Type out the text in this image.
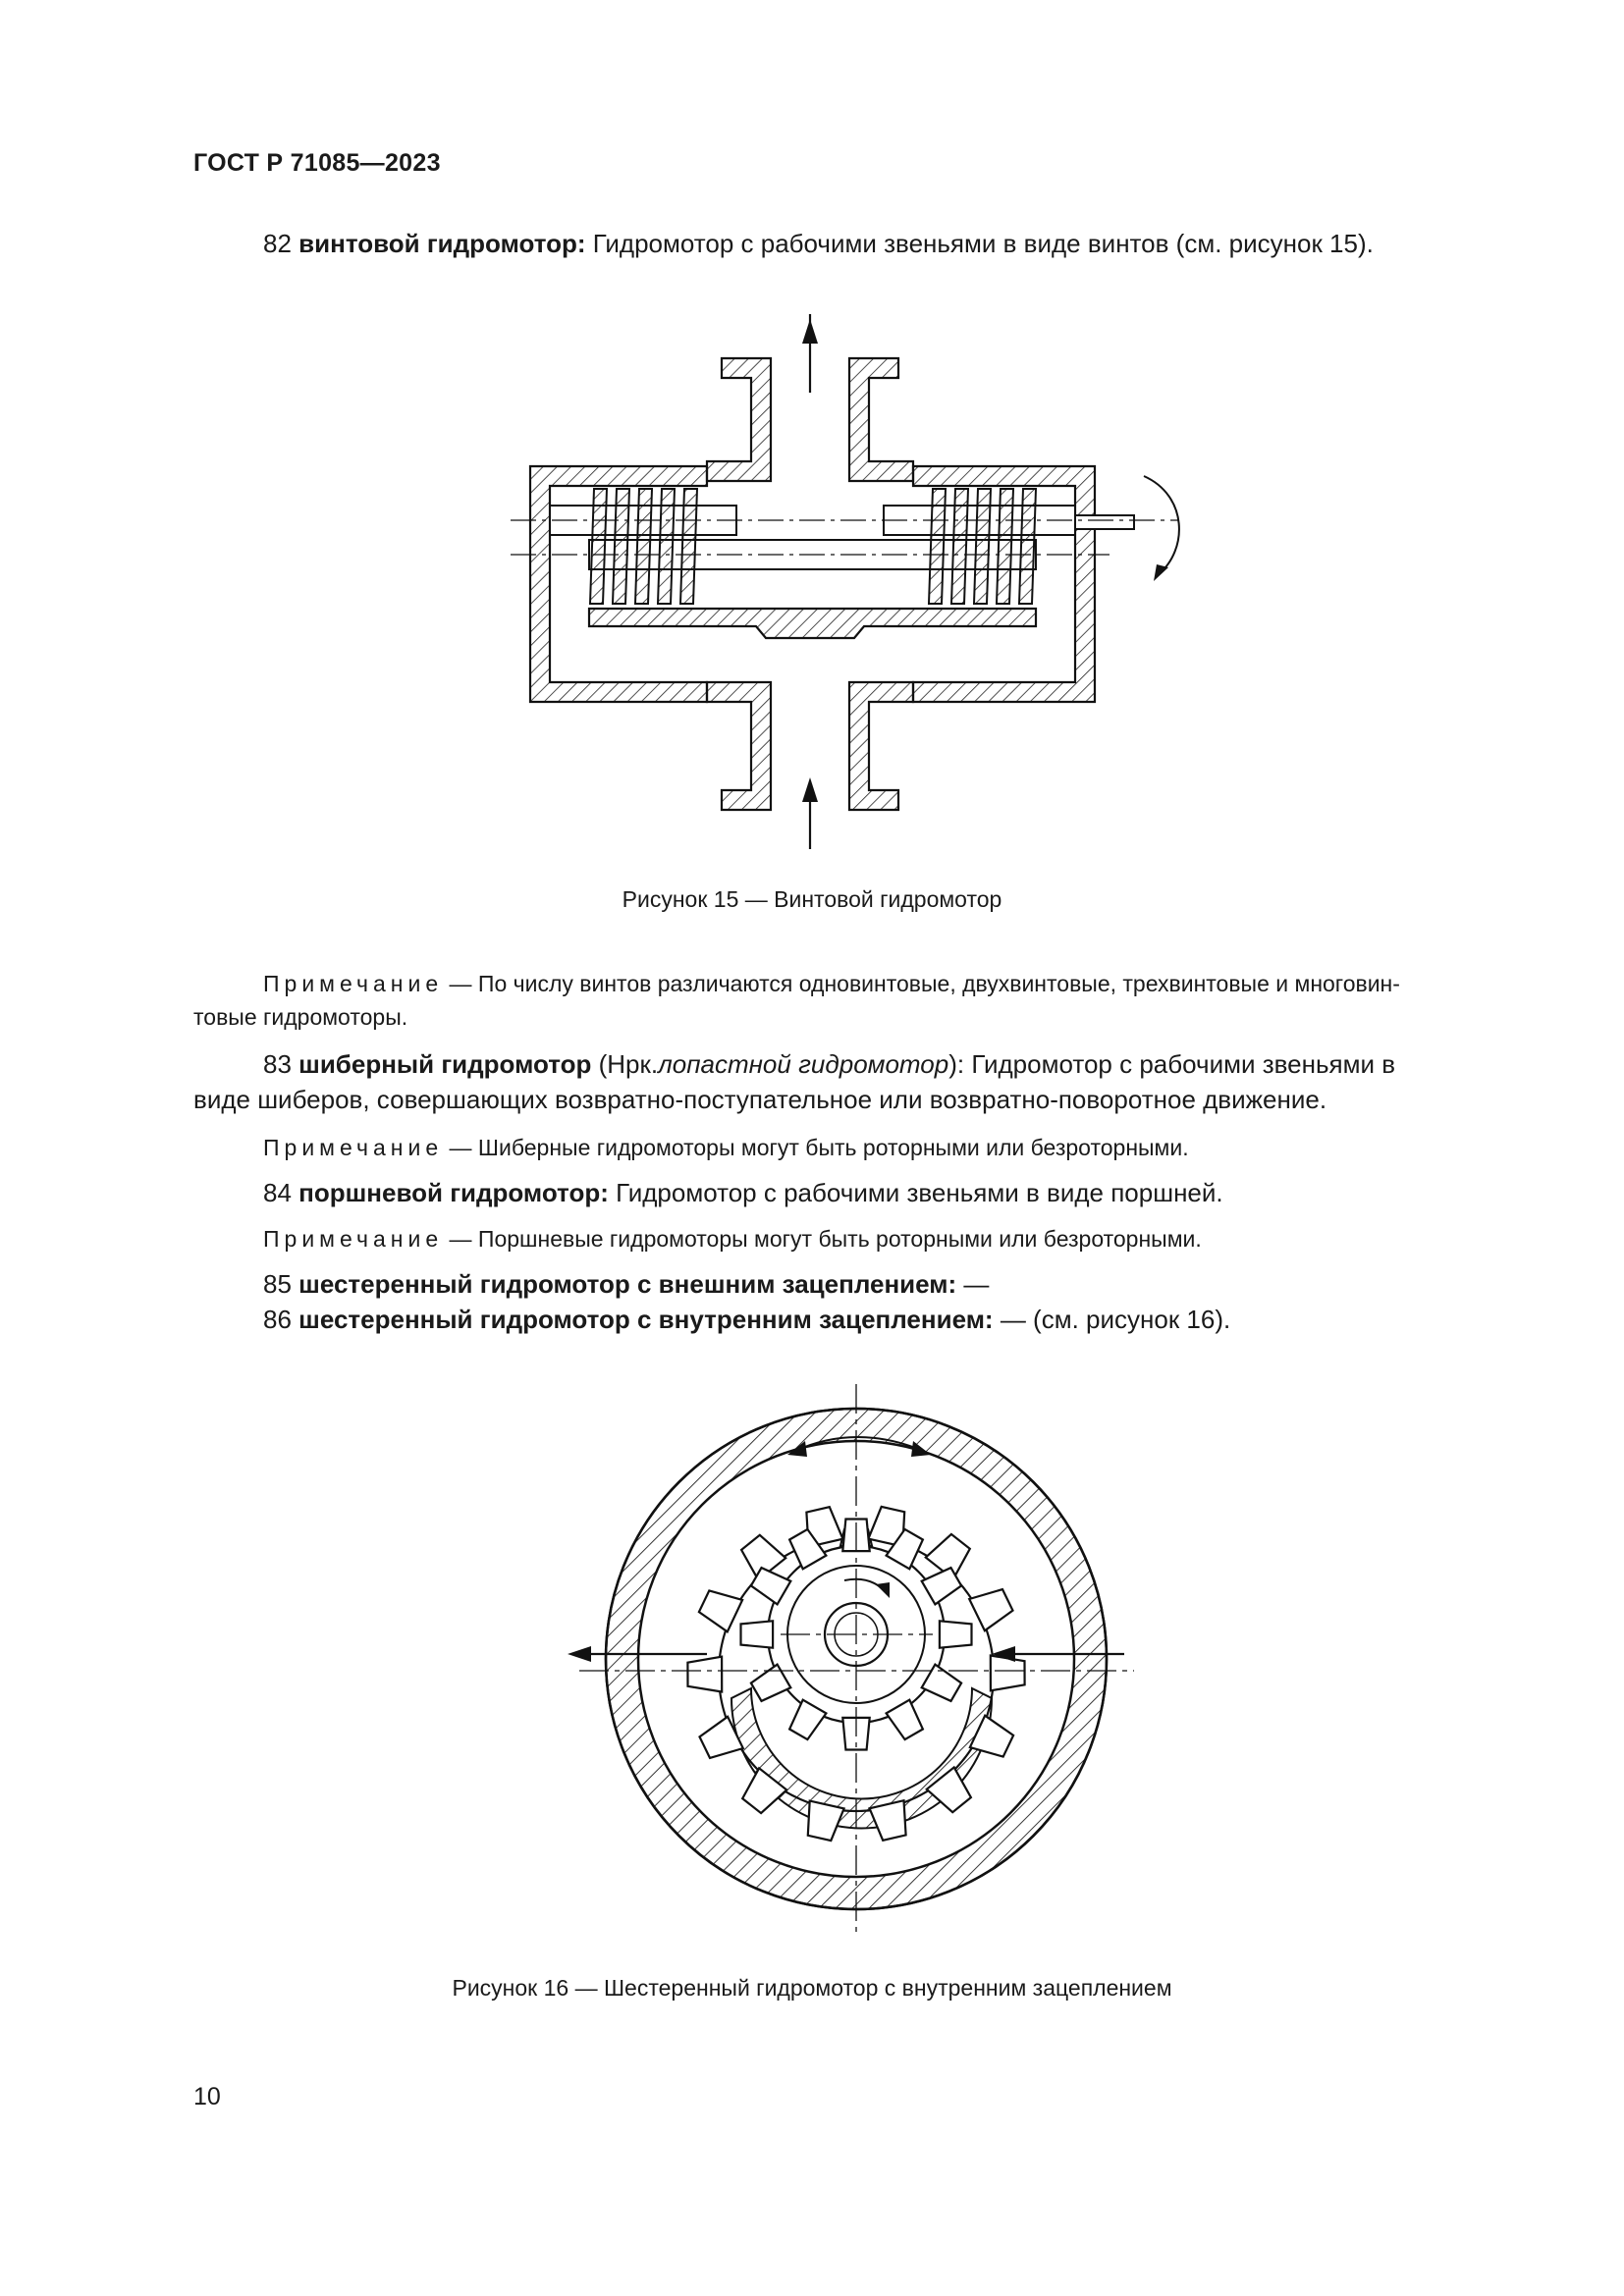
ГОСТ Р 71085—2023
82 винтовой гидромотор: Гидромотор с рабочими звеньями в виде винтов (см. рисунок 15).
Рисунок 15 — Винтовой гидромотор
Примечание — По числу винтов различаются одновинтовые, двухвинтовые, трехвинтовые и многовин-
товые гидромоторы.
83 шиберный гидромотор (Нрк.лопастной гидромотор): Гидромотор с рабочими звеньями в
виде шиберов, совершающих возвратно-поступательное или возвратно-поворотное движение.
Примечание — Шиберные гидромоторы могут быть роторными или безроторными.
84 поршневой гидромотор: Гидромотор с рабочими звеньями в виде поршней.
Примечание — Поршневые гидромоторы могут быть роторными или безроторными.
85 шестеренный гидромотор с внешним зацеплением: —
86 шестеренный гидромотор с внутренним зацеплением: — (см. рисунок 16).
Рисунок 16 — Шестеренный гидромотор с внутренним зацеплением
10
